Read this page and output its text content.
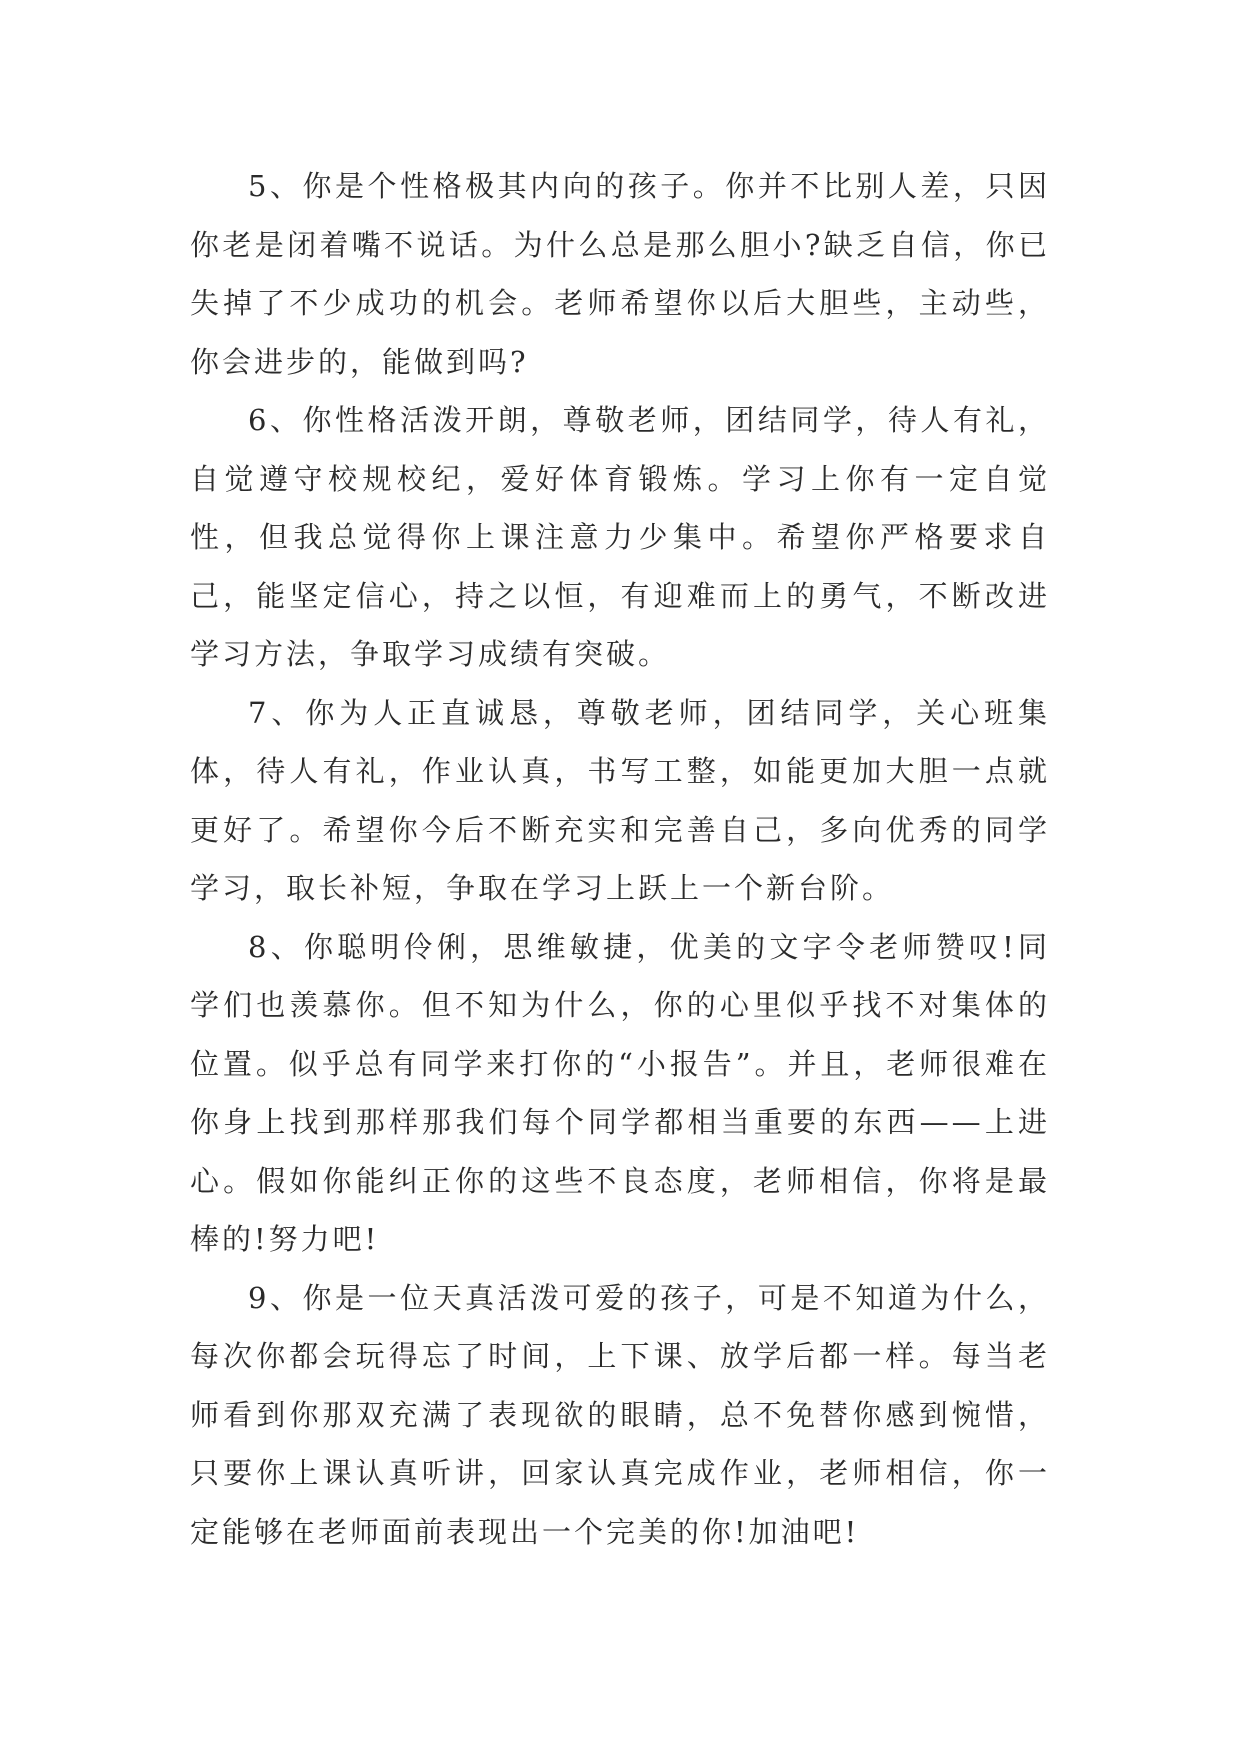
5、你是个性格极其内向的孩子。你并不比别人差，只因你老是闭着嘴不说话。为什么总是那么胆小?缺乏自信，你已失掉了不少成功的机会。老师希望你以后大胆些，主动些，你会进步的，能做到吗?

6、你性格活泼开朗，尊敬老师，团结同学，待人有礼，自觉遵守校规校纪，爱好体育锻炼。学习上你有一定自觉性，但我总觉得你上课注意力少集中。希望你严格要求自己，能坚定信心，持之以恒，有迎难而上的勇气，不断改进学习方法，争取学习成绩有突破。

7、你为人正直诚恳，尊敬老师，团结同学，关心班集体，待人有礼，作业认真，书写工整，如能更加大胆一点就更好了。希望你今后不断充实和完善自己，多向优秀的同学学习，取长补短，争取在学习上跃上一个新台阶。

8、你聪明伶俐，思维敏捷，优美的文字令老师赞叹!同学们也羡慕你。但不知为什么，你的心里似乎找不对集体的位置。似乎总有同学来打你的“小报告”。并且，老师很难在你身上找到那样那我们每个同学都相当重要的东西——上进心。假如你能纠正你的这些不良态度，老师相信，你将是最棒的!努力吧!

9、你是一位天真活泼可爱的孩子，可是不知道为什么，每次你都会玩得忘了时间，上下课、放学后都一样。每当老师看到你那双充满了表现欲的眼睛，总不免替你感到惋惜，只要你上课认真听讲，回家认真完成作业，老师相信，你一定能够在老师面前表现出一个完美的你!加油吧!
